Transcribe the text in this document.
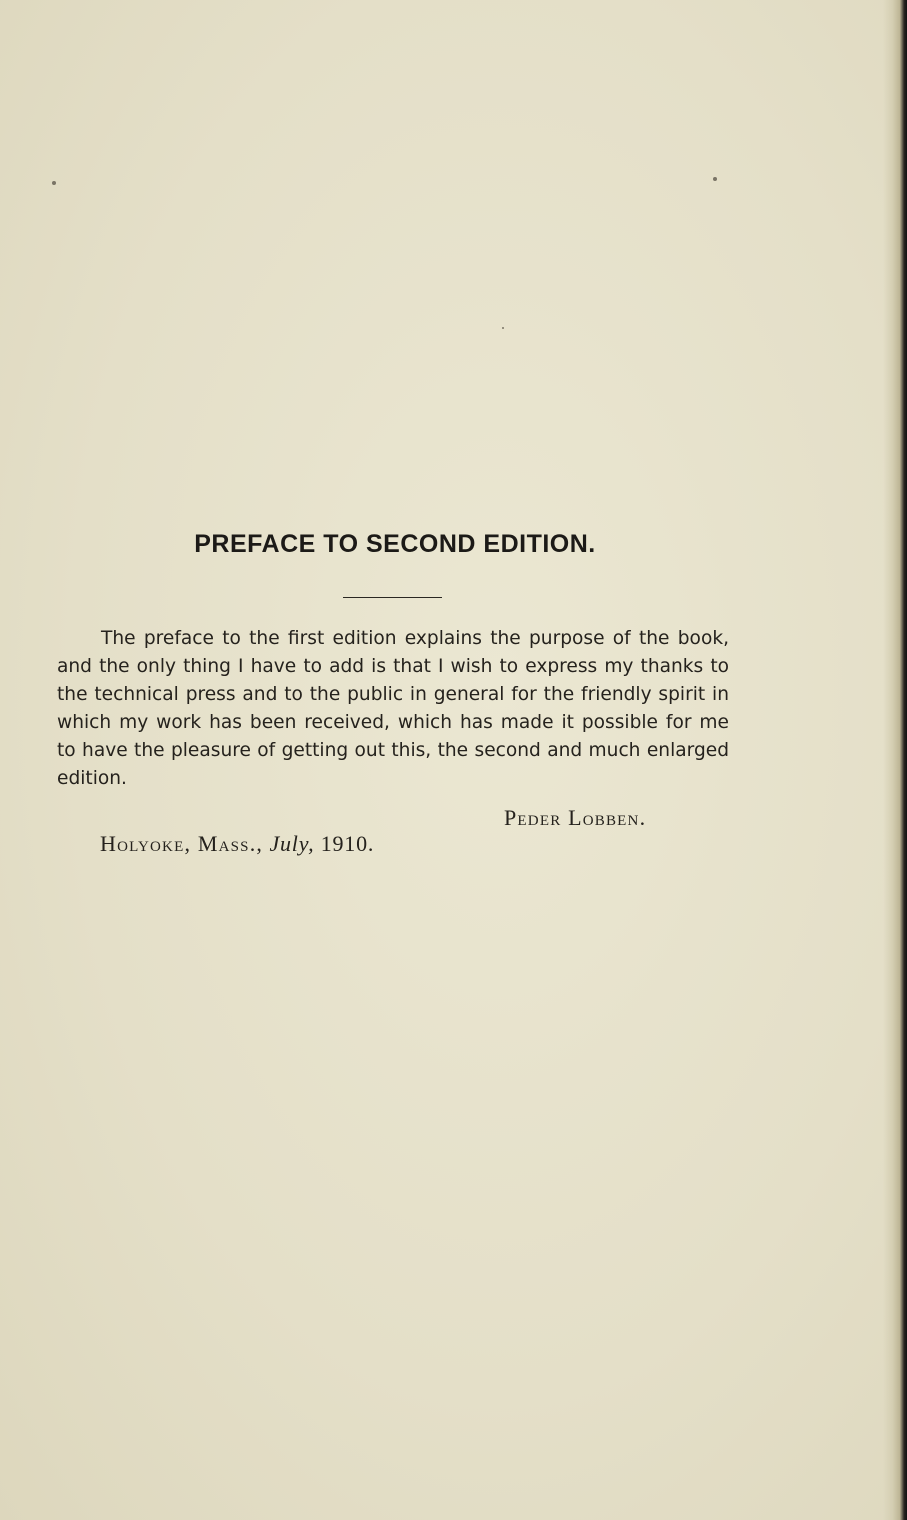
PREFACE TO SECOND EDITION.

The preface to the first edition explains the purpose of the book, and the only thing I have to add is that I wish to express my thanks to the technical press and to the public in general for the friendly spirit in which my work has been received, which has made it possible for me to have the pleasure of getting out this, the second and much enlarged edition.

Peder Lobben.
Holyoke, Mass., July, 1910.
